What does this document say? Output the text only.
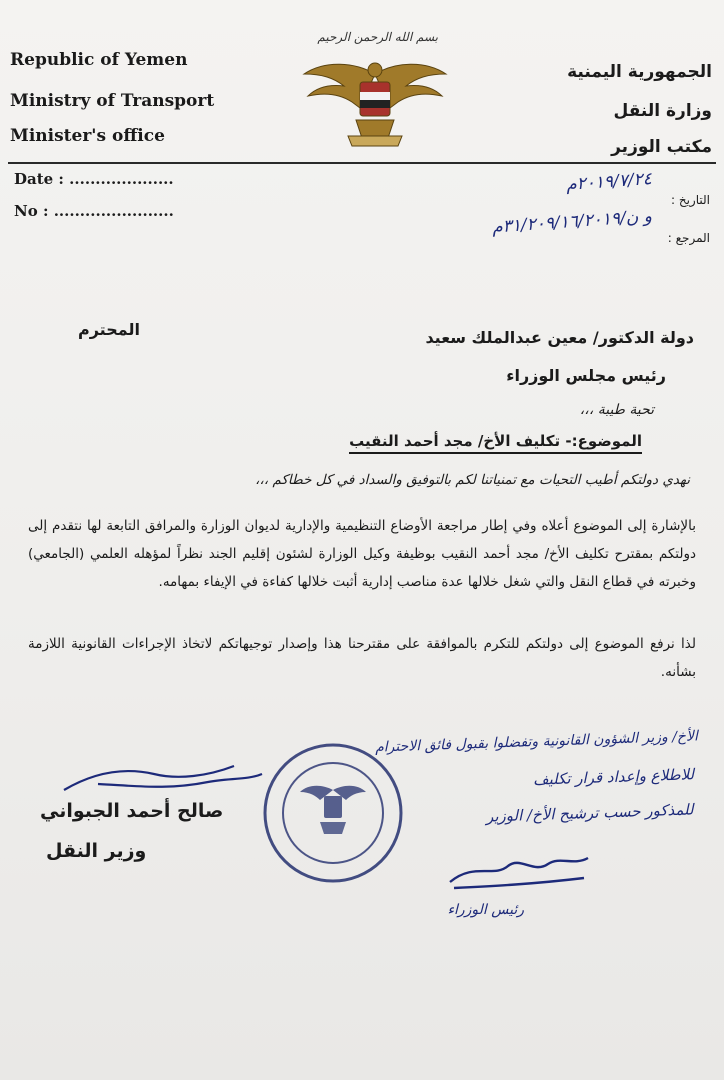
Republic of Yemen
Ministry of Transport
Minister's office
بسم الله الرحمن الرحيم
الجمهورية اليمنية
وزارة النقل
مكتب الوزير
Date : ....................
No : .......................
التاريخ :
المرجع :
٢٠١٩/٧/٢٤م
و ن/٣١/٢٠٩/١٦/٢٠١٩م
دولة الدكتور/ معين عبدالملك سعيد
المحترم
رئيس مجلس الوزراء
تحية طيبة ،،،
الموضوع:- تكليف الأخ/ مجد أحمد النقيب
نهدي دولتكم أطيب التحيات مع تمنياتنا لكم بالتوفيق والسداد في كل خطاكم ،،،
بالإشارة إلى الموضوع أعلاه وفي إطار مراجعة الأوضاع التنظيمية والإدارية لديوان الوزارة والمرافق التابعة لها نتقدم إلى دولتكم بمقترح تكليف الأخ/ مجد أحمد النقيب بوظيفة وكيل الوزارة لشئون إقليم الجند نظراً لمؤهله العلمي (الجامعي) وخبرته في قطاع النقل والتي شغل خلالها عدة مناصب إدارية أثبت خلالها كفاءة في الإيفاء بمهامه.
لذا نرفع الموضوع إلى دولتكم للتكرم بالموافقة على مقترحنا هذا وإصدار توجيهاتكم لاتخاذ الإجراءات القانونية اللازمة بشأنه.
صالح أحمد الجبواني
وزير النقل
الأخ/ وزير الشؤون القانونية وتفضلوا بقبول فائق الاحترام
للاطلاع وإعداد قرار تكليف
للمذكور حسب ترشيح الأخ/ الوزير
رئيس الوزراء
